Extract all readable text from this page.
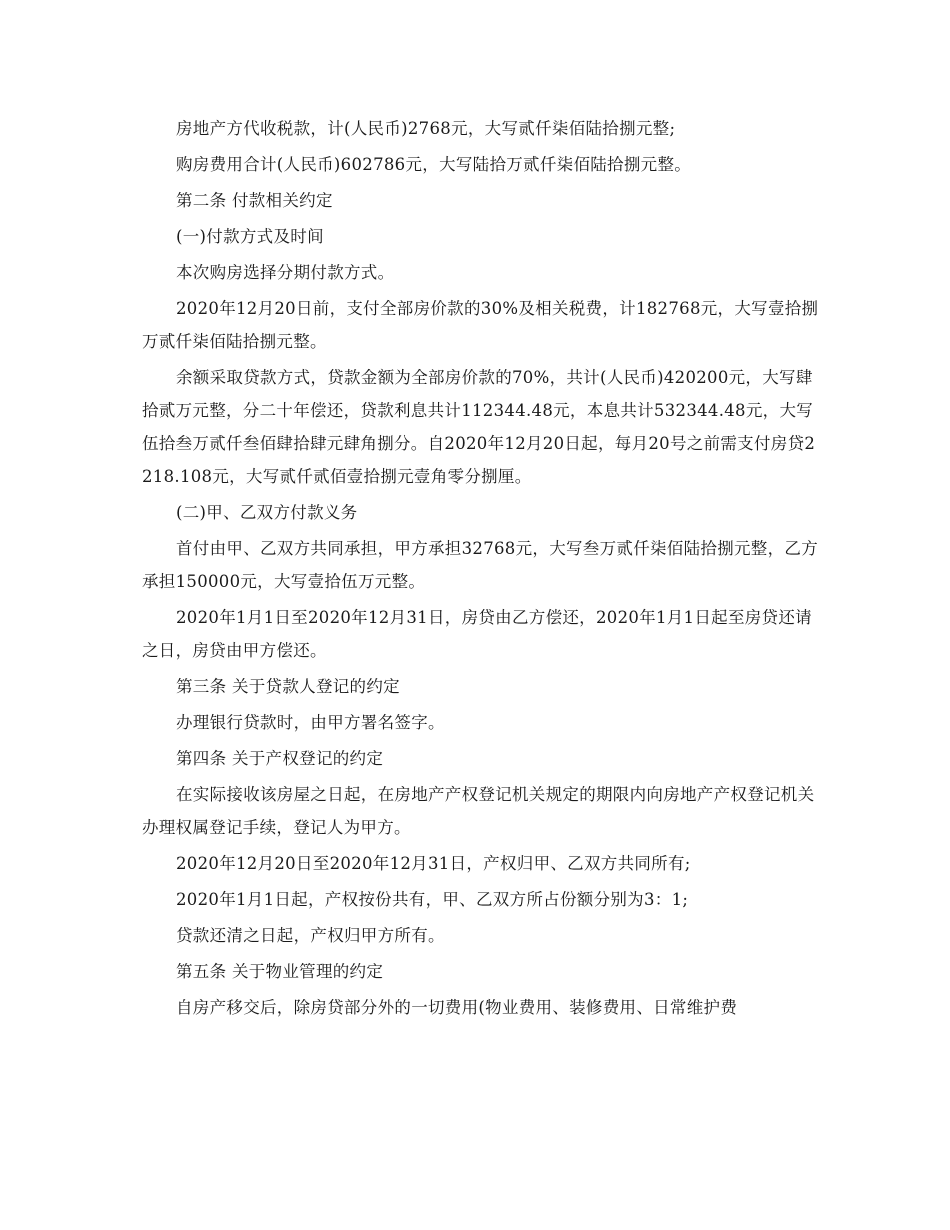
房地产方代收税款，计(人民币)2768元，大写贰仟柒佰陆拾捌元整;

购房费用合计(人民币)602786元，大写陆拾万贰仟柒佰陆拾捌元整。

第二条 付款相关约定

(一)付款方式及时间

本次购房选择分期付款方式。

2020年12月20日前，支付全部房价款的30%及相关税费，计182768元，大写壹拾捌万贰仟柒佰陆拾捌元整。

余额采取贷款方式，贷款金额为全部房价款的70%，共计(人民币)420200元，大写肆拾贰万元整，分二十年偿还，贷款利息共计112344.48元，本息共计532344.48元，大写伍拾叁万贰仟叁佰肆拾肆元肆角捌分。自2020年12月20日起，每月20号之前需支付房贷2218.108元，大写贰仟贰佰壹拾捌元壹角零分捌厘。

(二)甲、乙双方付款义务

首付由甲、乙双方共同承担，甲方承担32768元，大写叁万贰仟柒佰陆拾捌元整，乙方承担150000元，大写壹拾伍万元整。

2020年1月1日至2020年12月31日，房贷由乙方偿还，2020年1月1日起至房贷还请之日，房贷由甲方偿还。

第三条 关于贷款人登记的约定

办理银行贷款时，由甲方署名签字。

第四条 关于产权登记的约定

在实际接收该房屋之日起，在房地产产权登记机关规定的期限内向房地产产权登记机关办理权属登记手续，登记人为甲方。

2020年12月20日至2020年12月31日，产权归甲、乙双方共同所有;

2020年1月1日起，产权按份共有，甲、乙双方所占份额分别为3：1;

贷款还清之日起，产权归甲方所有。

第五条 关于物业管理的约定

自房产移交后，除房贷部分外的一切费用(物业费用、装修费用、日常维护费
